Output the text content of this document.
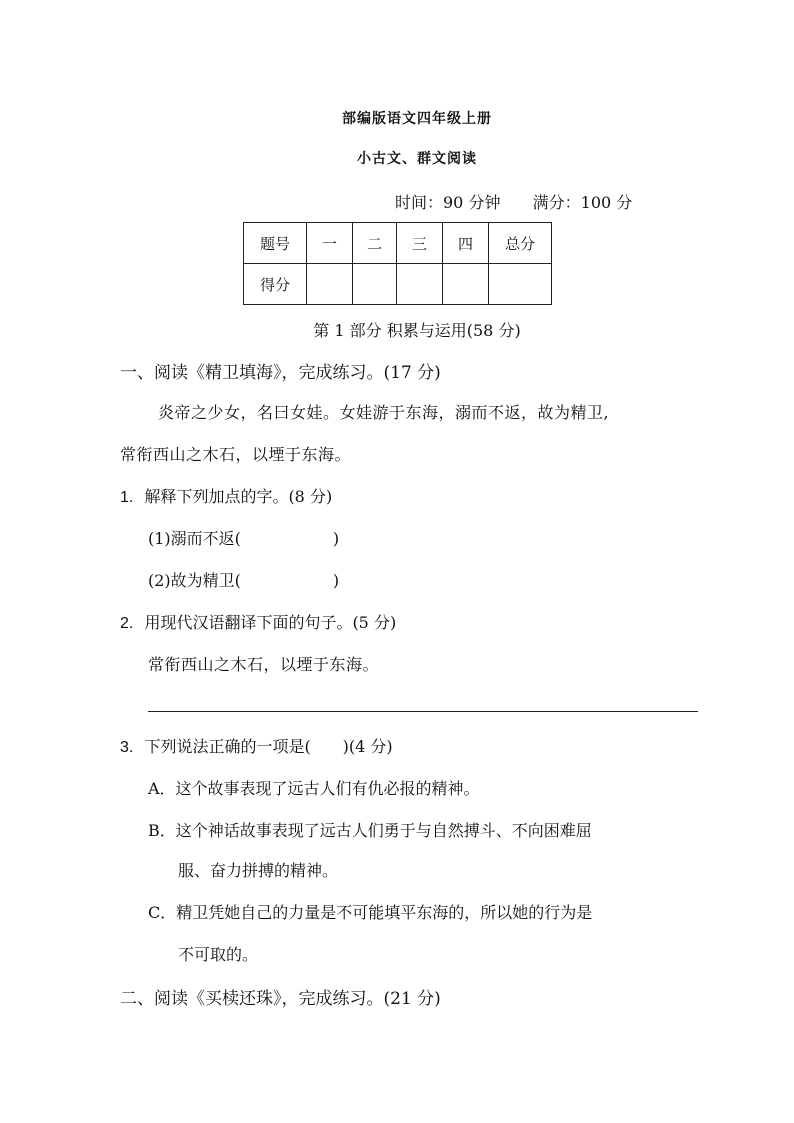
部编版语文四年级上册
小古文、群文阅读
时间：90 分钟 满分：100 分
题号	一	二	三	四	总分
得分					
第 1 部分 积累与运用(58 分)
一、阅读《精卫填海》，完成练习。(17 分)
炎帝之少女，名曰女娃。女娃游于东海，溺而不返，故为精卫,
常衔西山之木石，以堙于东海。
1. 解释下列加点的字。(8 分)
(1)溺而不返(	)
(2)故为精卫(	)
2. 用现代汉语翻译下面的句子。(5 分)
常衔西山之木石，以堙于东海。
3. 下列说法正确的一项是(　　)(4 分)
A．这个故事表现了远古人们有仇必报的精神。
B．这个神话故事表现了远古人们勇于与自然搏斗、不向困难屈
服、奋力拼搏的精神。
C．精卫凭她自己的力量是不可能填平东海的，所以她的行为是
不可取的。
二、阅读《买椟还珠》，完成练习。(21 分)
